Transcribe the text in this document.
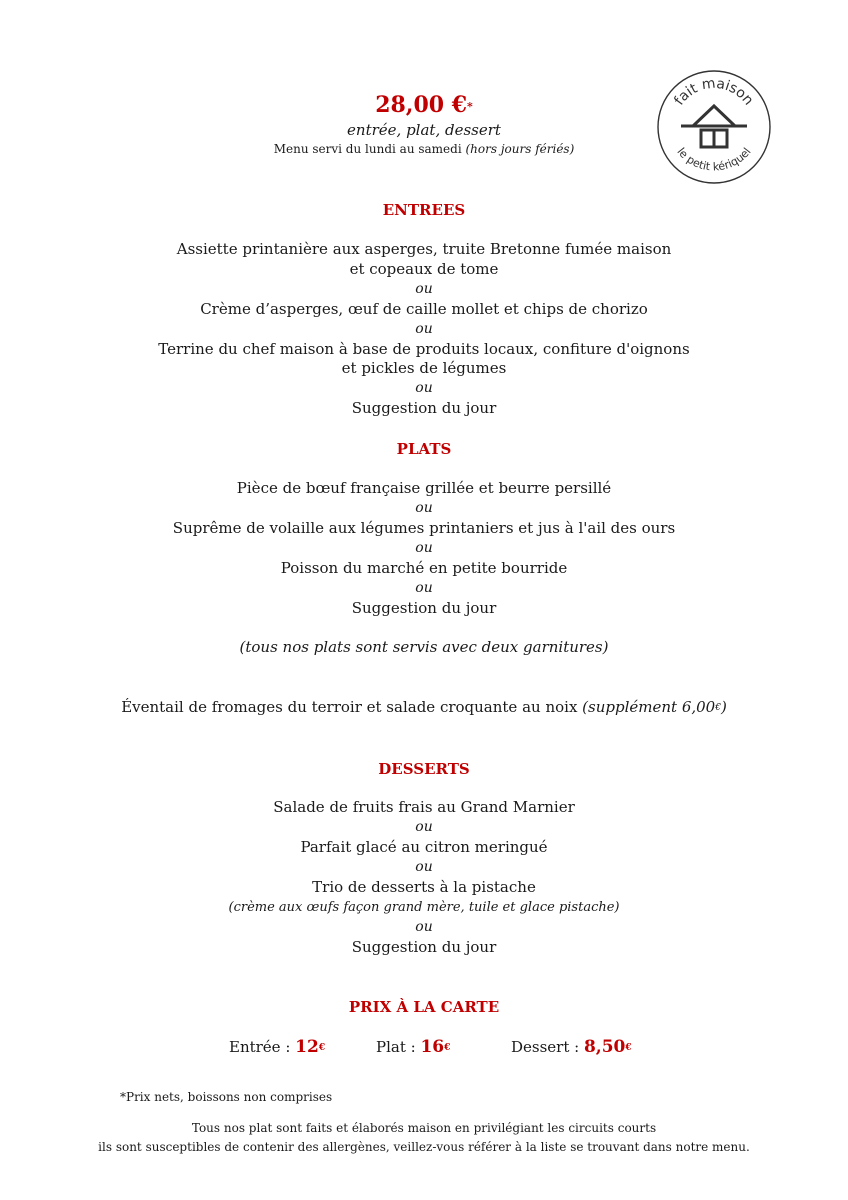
28,00 €*
entrée, plat, dessert
Menu servi du lundi au samedi (hors jours fériés)
fait maison
le petit kériquel
ENTREES
Assiette printanière aux asperges, truite Bretonne fumée maison
et copeaux de tome
ou
Crème d’asperges, œuf de caille mollet et chips de chorizo
ou
Terrine du chef maison à base de produits locaux, confiture d'oignons
et pickles de légumes
ou
Suggestion du jour
PLATS
Pièce de bœuf française grillée et beurre persillé
ou
Suprême de volaille aux légumes printaniers et jus à l'ail des ours
ou
Poisson du marché en petite bourride
ou
Suggestion du jour
(tous nos plats sont servis avec deux garnitures)
Éventail de fromages du terroir et salade croquante au noix (supplément 6,00€)
DESSERTS
Salade de fruits frais au Grand Marnier
ou
Parfait glacé au citron meringué
ou
Trio de desserts à la pistache
(crème aux œufs façon grand mère, tuile et glace pistache)
ou
Suggestion du jour
PRIX À LA CARTE
Entrée : 12€	Plat : 16€	Dessert : 8,50€
*Prix nets, boissons non comprises
Tous nos plat sont faits et élaborés maison en privilégiant les circuits courts
ils sont susceptibles de contenir des allergènes, veillez-vous référer à la liste se trouvant dans notre menu.
